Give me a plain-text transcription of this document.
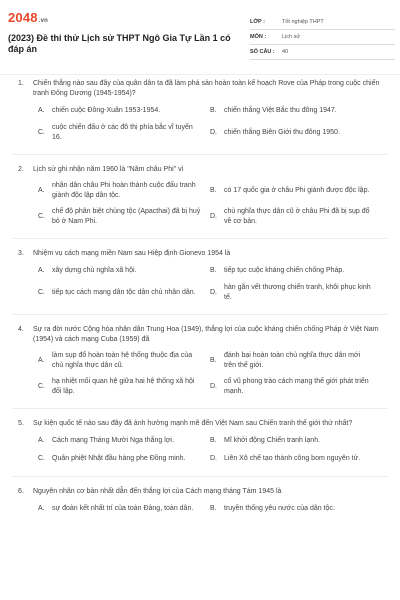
2048.vn
(2023) Đề thi thử Lịch sử THPT Ngô Gia Tự Lần 1 có đáp án
LỚP :	Tốt nghiệp THPT
MÔN :	Lịch sử
SỐ CÂU :	40
1.	Chiến thắng nào sau đây của quân dân ta đã làm phá sản hoàn toàn kế hoạch Rove của Pháp trong cuộc chiến tranh Đông Dương (1945-1954)?
A.	chiến cuộc Đông-Xuân 1953-1954.	B.	chiến thắng Việt Bắc thu đông 1947.
C.
cuộc chiến đấu ở các đô thị phía bắc vĩ tuyến 16.
D.	chiến thắng Biên Giới thu đông 1950.
2.	Lịch sử ghi nhận năm 1960 là "Năm châu Phi" vì
A.
nhân dân châu Phi hoàn thành cuộc đấu tranh giành độc lập dân tộc.
B.	có 17 quốc gia ở châu Phi giành được độc lập.
C.
chế độ phân biệt chủng tộc (Apacthai) đã bị huỷ bỏ ở Nam Phi.
D.
chủ nghĩa thực dân cũ ở châu Phi đã bị sụp đổ về cơ bản.
3.	Nhiệm vụ cách mạng miền Nam sau Hiệp định Gionevo 1954 là
A.	xây dựng chủ nghĩa xã hội.	B.	tiếp tục cuộc kháng chiến chống Pháp.
C.	tiếp tục cách mạng dân tộc dân chủ nhân dân.	D.
hàn gắn vết thương chiến tranh, khôi phục kinh tế.
4.	Sự ra đời nước Cộng hòa nhân dân Trung Hoa (1949), thắng lợi của cuộc kháng chiến chống Pháp ở Việt Nam (1954) và cách mạng Cuba (1959) đã
A.
làm sụp đổ hoàn toàn hệ thống thuộc địa của chủ nghĩa thực dân cũ.
B.
đánh bại hoàn toàn chủ nghĩa thực dân mới trên thế giới.
C.
hạ nhiệt mối quan hệ giữa hai hệ thống xã hội đối lập.
D.
cổ vũ phong trào cách mạng thế giới phát triển mạnh.
5.	Sự kiện quốc tế nào sau đây đã ảnh hưởng mạnh mẽ đến Việt Nam sau Chiến tranh thế giới thứ nhất?
A.	Cách mạng Tháng Mười Nga thắng lợi.	B.	Mĩ khởi động Chiến tranh lạnh.
C.	Quân phiệt Nhật đầu hàng phe Đồng minh.	D.	Liên Xô chế tạo thành công bom nguyên tử.
6.	Nguyên nhân cơ bản nhất dẫn đến thắng lợi của Cách mạng tháng Tám 1945 là
A.	sự đoàn kết nhất trí của toàn Đảng, toàn dân.	B.	truyền thống yêu nước của dân tộc.
